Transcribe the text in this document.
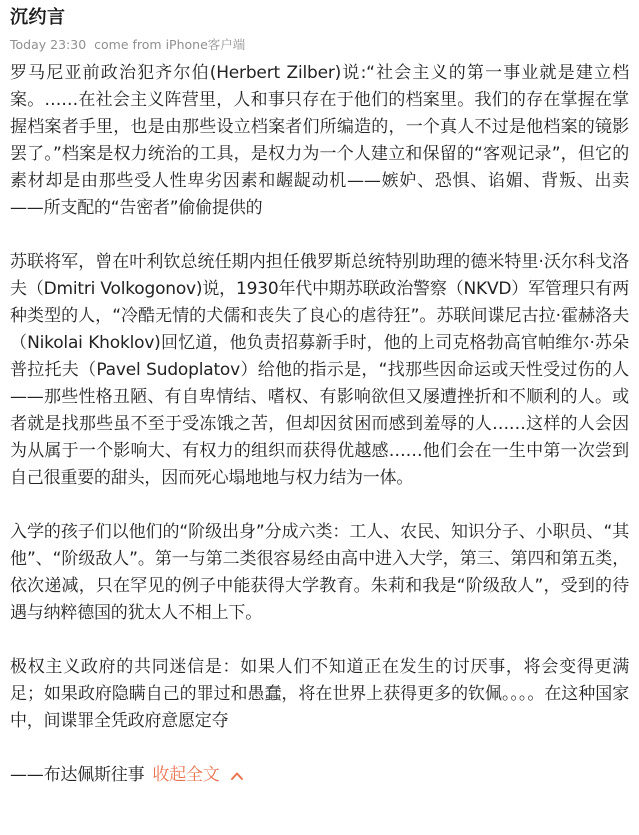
沉约言
Today 23:30 come from iPhone客户端

罗马尼亚前政治犯齐尔伯(Herbert Zilber)说:“社会主义的第一事业就是建立档案。……在社会主义阵营里，人和事只存在于他们的档案里。我们的存在掌握在掌握档案者手里，也是由那些设立档案者们所编造的，一个真人不过是他档案的镜影罢了。”档案是权力统治的工具，是权力为一个人建立和保留的“客观记录”，但它的素材却是由那些受人性卑劣因素和龌龊动机——嫉妒、恐惧、谄媚、背叛、出卖——所支配的“告密者”偷偷提供的

苏联将军，曾在叶利钦总统任期内担任俄罗斯总统特别助理的德米特里·沃尔科戈洛夫（Dmitri Volkogonov)说，1930年代中期苏联政治警察（NKVD）军管理只有两种类型的人，“冷酷无情的犬儒和丧失了良心的虐待狂”。苏联间谍尼古拉·霍赫洛夫（Nikolai Khoklov)回忆道，他负责招募新手时，他的上司克格勃高官帕维尔·苏朵普拉托夫（Pavel Sudoplatov）给他的指示是，“找那些因命运或天性受过伤的人——那些性格丑陋、有自卑情结、嗜权、有影响欲但又屡遭挫折和不顺利的人。或者就是找那些虽不至于受冻饿之苦，但却因贫困而感到羞辱的人……这样的人会因为从属于一个影响大、有权力的组织而获得优越感……他们会在一生中第一次尝到自己很重要的甜头，因而死心塌地地与权力结为一体。

入学的孩子们以他们的“阶级出身”分成六类：工人、农民、知识分子、小职员、“其他”、“阶级敌人”。第一与第二类很容易经由高中进入大学，第三、第四和第五类，依次递减，只在罕见的例子中能获得大学教育。朱莉和我是“阶级敌人”，受到的待遇与纳粹德国的犹太人不相上下。

极权主义政府的共同迷信是：如果人们不知道正在发生的讨厌事，将会变得更满足；如果政府隐瞒自己的罪过和愚蠢，将在世界上获得更多的钦佩。。。。在这种国家中，间谍罪全凭政府意愿定夺

——布达佩斯往事 收起全文
